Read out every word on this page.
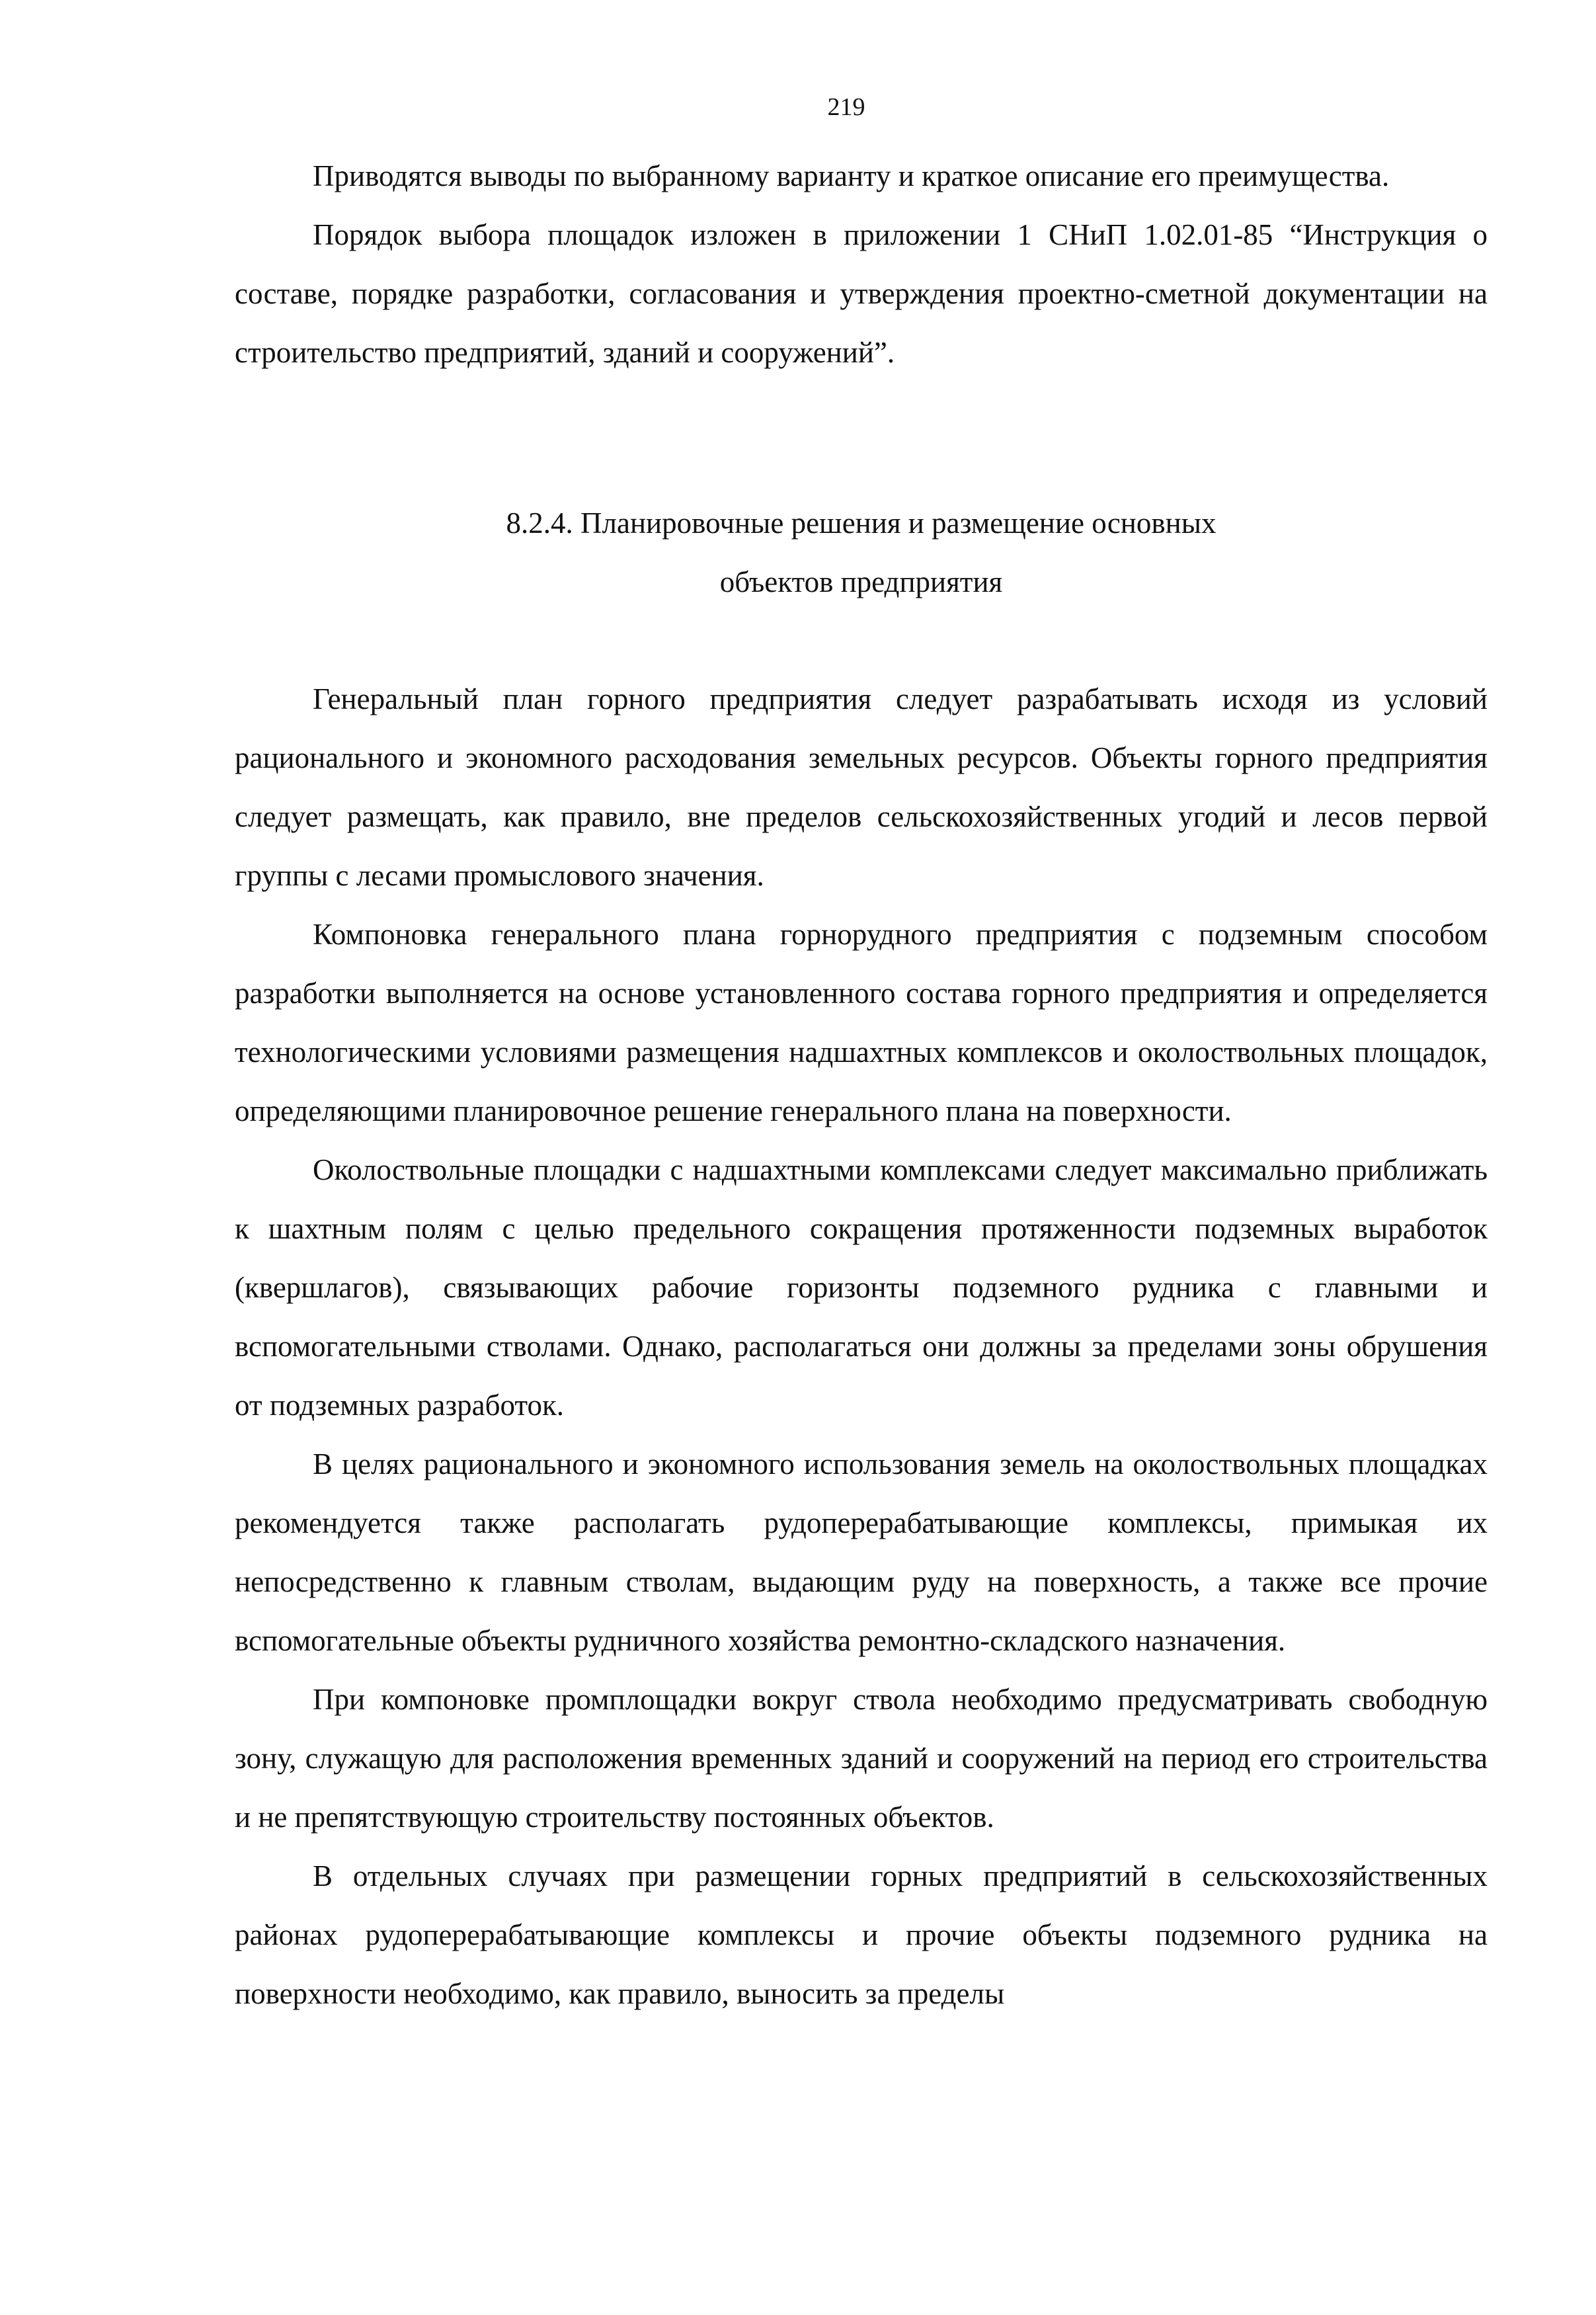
219

Приводятся выводы по выбранному варианту и краткое описание его преимущества.

Порядок выбора площадок изложен в приложении 1 СНиП 1.02.01-85 “Инструкция о составе, порядке разработки, согласования и утверждения проектно-сметной документации на строительство предприятий, зданий и сооружений”.

8.2.4. Планировочные решения и размещение основных
объектов предприятия

Генеральный план горного предприятия следует разрабатывать исходя из условий рационального и экономного расходования земельных ресурсов. Объекты горного предприятия следует размещать, как правило, вне пределов сельскохозяйственных угодий и лесов первой группы с лесами промыслового значения.

Компоновка генерального плана горнорудного предприятия с подземным способом разработки выполняется на основе установленного состава горного предприятия и определяется технологическими условиями размещения надшахтных комплексов и околоствольных площадок, определяющими планировочное решение генерального плана на поверхности.

Околоствольные площадки с надшахтными комплексами следует максимально приближать к шахтным полям с целью предельного сокращения протяженности подземных выработок (квершлагов), связывающих рабочие горизонты подземного рудника с главными и вспомогательными стволами. Однако, располагаться они должны за пределами зоны обрушения от подземных разработок.

В целях рационального и экономного использования земель на околоствольных площадках рекомендуется также располагать рудоперерабатывающие комплексы, примыкая их непосредственно к главным стволам, выдающим руду на поверхность, а также все прочие вспомогательные объекты рудничного хозяйства ремонтно-складского назначения.

При компоновке промплощадки вокруг ствола необходимо предусматривать свободную зону, служащую для расположения временных зданий и сооружений на период его строительства и не препятствующую строительству постоянных объектов.

В отдельных случаях при размещении горных предприятий в сельскохозяйственных районах рудоперерабатывающие комплексы и прочие объекты подземного рудника на поверхности необходимо, как правило, выносить за пределы
